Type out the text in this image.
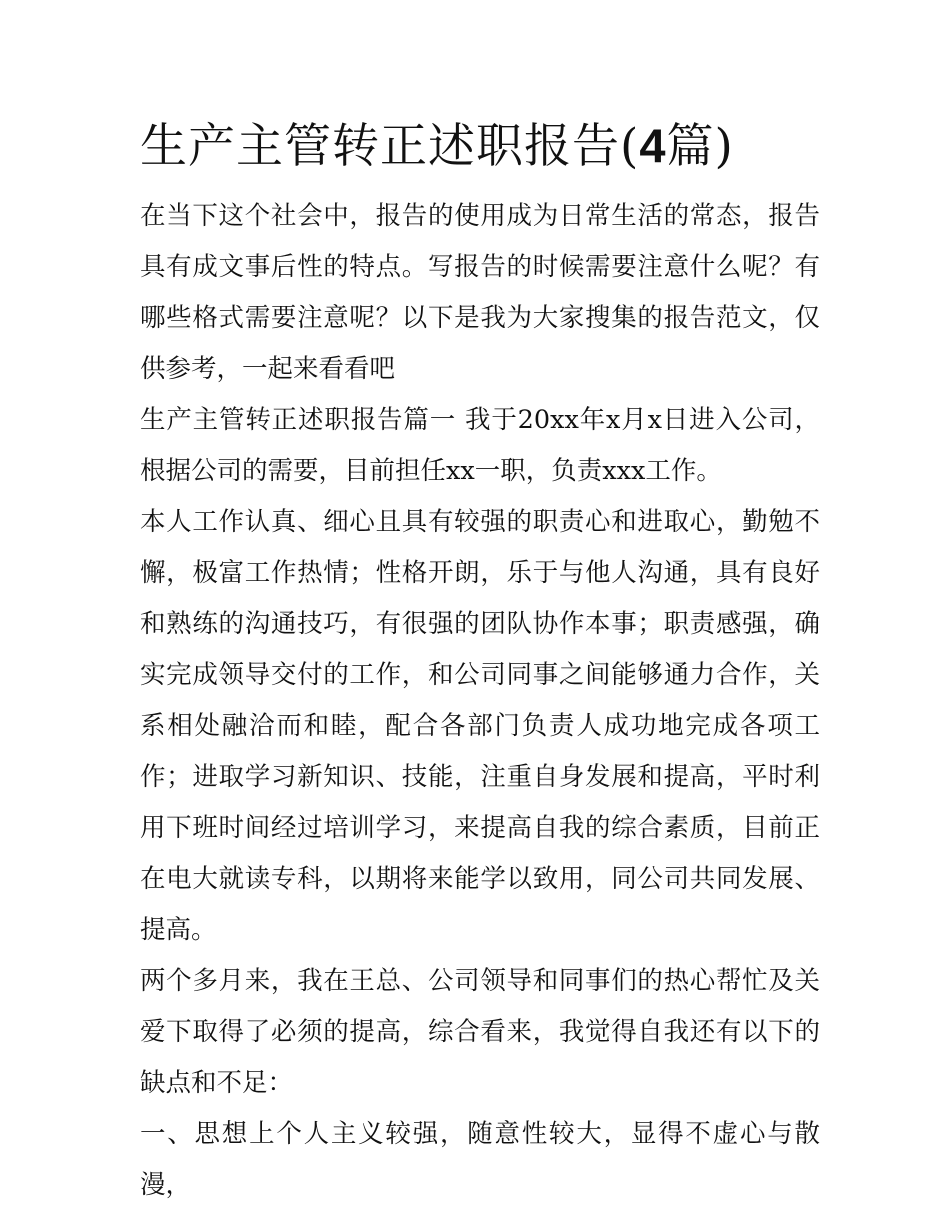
生产主管转正述职报告(4篇)

在当下这个社会中，报告的使用成为日常生活的常态，报告具有成文事后性的特点。写报告的时候需要注意什么呢？有哪些格式需要注意呢？以下是我为大家搜集的报告范文，仅供参考，一起来看看吧

生产主管转正述职报告篇一 我于20xx年x月x日进入公司，根据公司的需要，目前担任xx一职，负责xxx工作。

本人工作认真、细心且具有较强的职责心和进取心，勤勉不懈，极富工作热情；性格开朗，乐于与他人沟通，具有良好和熟练的沟通技巧，有很强的团队协作本事；职责感强，确实完成领导交付的工作，和公司同事之间能够通力合作，关系相处融洽而和睦，配合各部门负责人成功地完成各项工作；进取学习新知识、技能，注重自身发展和提高，平时利用下班时间经过培训学习，来提高自我的综合素质，目前正在电大就读专科，以期将来能学以致用，同公司共同发展、提高。

两个多月来，我在王总、公司领导和同事们的热心帮忙及关爱下取得了必须的提高，综合看来，我觉得自我还有以下的缺点和不足：

一、思想上个人主义较强，随意性较大，显得不虚心与散漫，
